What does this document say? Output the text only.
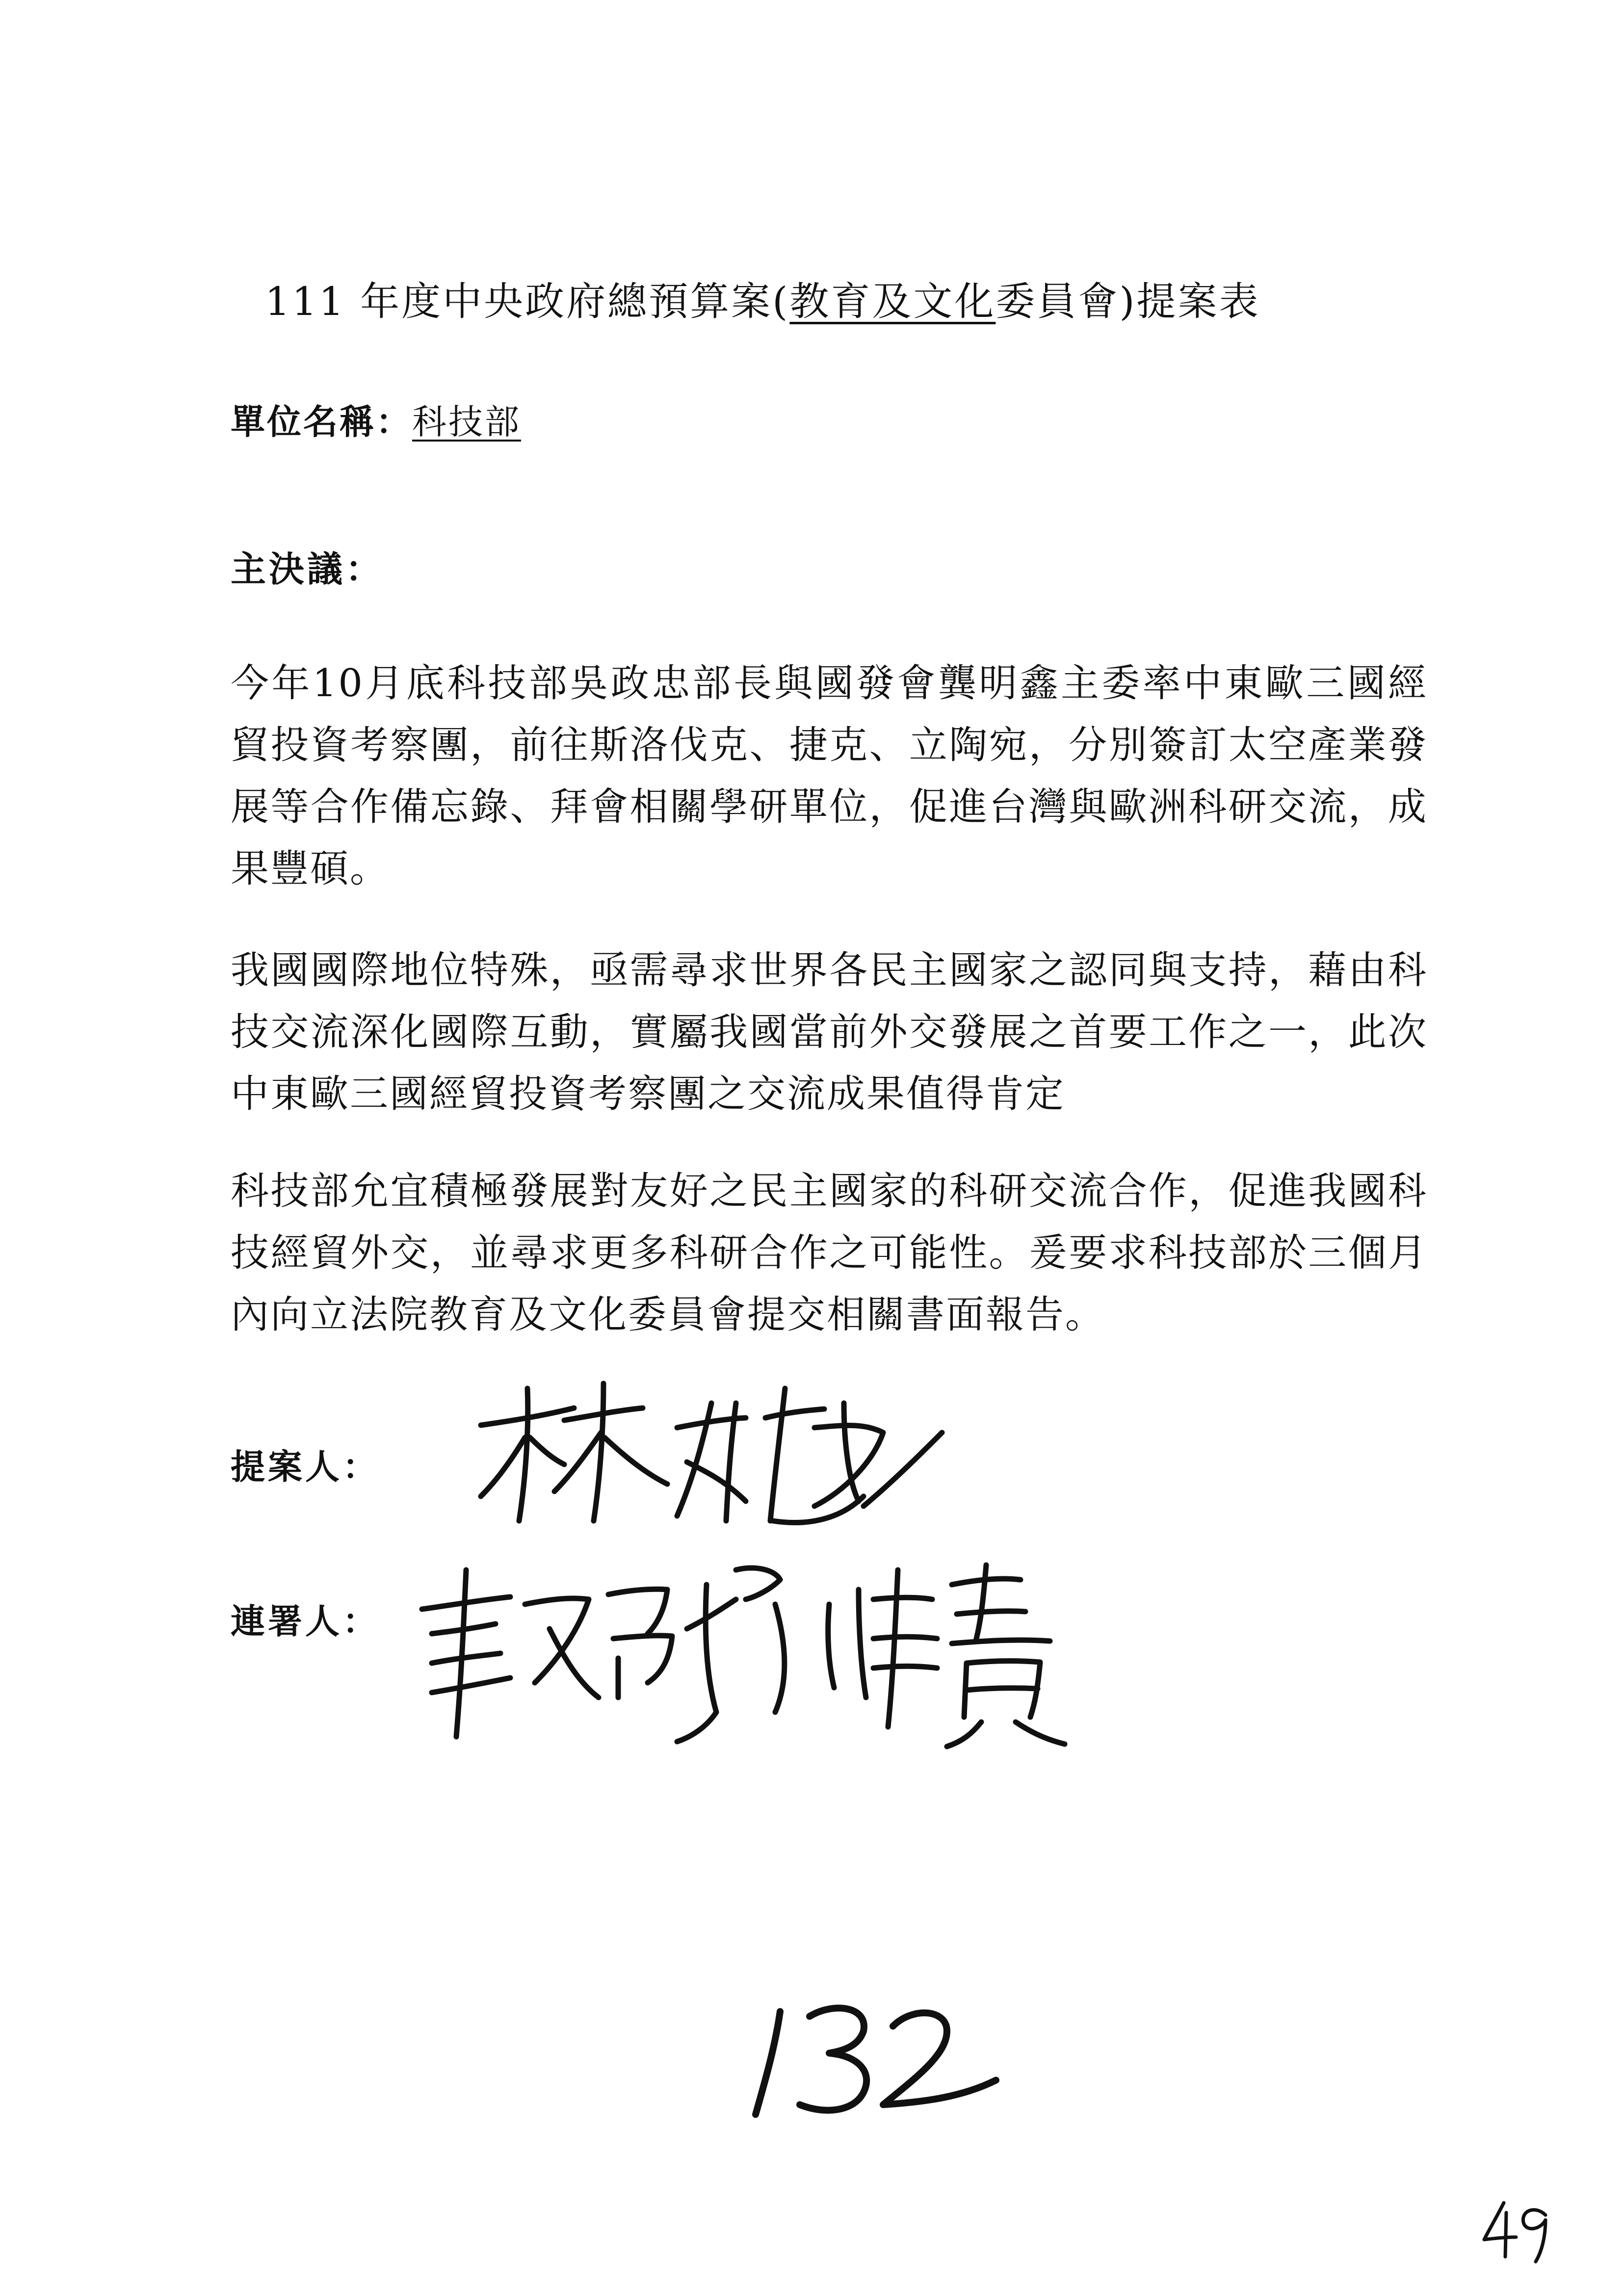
111 年度中央政府總預算案(教育及文化委員會)提案表
單位名稱：科技部
主決議：
今年10月底科技部吳政忠部長與國發會龔明鑫主委率中東歐三國經貿投資考察團，前往斯洛伐克、捷克、立陶宛，分別簽訂太空產業發展等合作備忘錄、拜會相關學研單位，促進台灣與歐洲科研交流，成果豐碩。
我國國際地位特殊，亟需尋求世界各民主國家之認同與支持，藉由科技交流深化國際互動，實屬我國當前外交發展之首要工作之一，此次中東歐三國經貿投資考察團之交流成果值得肯定
科技部允宜積極發展對友好之民主國家的科研交流合作，促進我國科技經貿外交，並尋求更多科研合作之可能性。爰要求科技部於三個月內向立法院教育及文化委員會提交相關書面報告。
提案人：
連署人：
